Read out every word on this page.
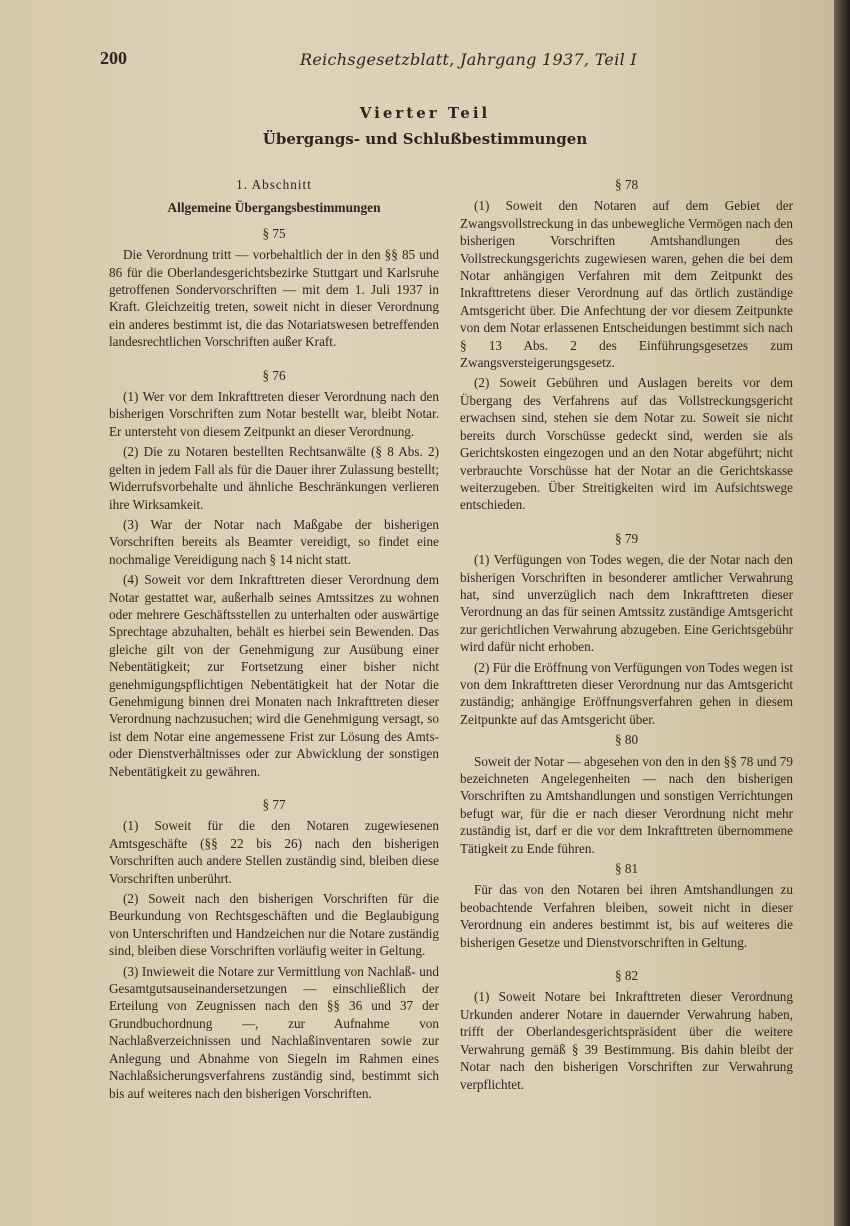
200	Reichsgesetzblatt, Jahrgang 1937, Teil I
Vierter Teil
Übergangs- und Schlußbestimmungen
1. Abschnitt
Allgemeine Übergangsbestimmungen
§ 75

Die Verordnung tritt — vorbehaltlich der in den §§ 85 und 86 für die Oberlandesgerichtsbezirke Stuttgart und Karlsruhe getroffenen Sondervorschriften — mit dem 1. Juli 1937 in Kraft. Gleichzeitig treten, soweit nicht in dieser Verordnung ein anderes bestimmt ist, die das Notariatswesen betreffenden landesrechtlichen Vorschriften außer Kraft.

§ 76

(1) Wer vor dem Inkrafttreten dieser Verordnung nach den bisherigen Vorschriften zum Notar bestellt war, bleibt Notar. Er untersteht von diesem Zeitpunkt an dieser Verordnung.

(2) Die zu Notaren bestellten Rechtsanwälte (§ 8 Abs. 2) gelten in jedem Fall als für die Dauer ihrer Zulassung bestellt; Widerrufsvorbehalte und ähnliche Beschränkungen verlieren ihre Wirksamkeit.

(3) War der Notar nach Maßgabe der bisherigen Vorschriften bereits als Beamter vereidigt, so findet eine nochmalige Vereidigung nach § 14 nicht statt.

(4) Soweit vor dem Inkrafttreten dieser Verordnung dem Notar gestattet war, außerhalb seines Amtssitzes zu wohnen oder mehrere Geschäftsstellen zu unterhalten oder auswärtige Sprechtage abzuhalten, behält es hierbei sein Bewenden. Das gleiche gilt von der Genehmigung zur Ausübung einer Nebentätigkeit; zur Fortsetzung einer bisher nicht genehmigungspflichtigen Nebentätigkeit hat der Notar die Genehmigung binnen drei Monaten nach Inkrafttreten dieser Verordnung nachzusuchen; wird die Genehmigung versagt, so ist dem Notar eine angemessene Frist zur Lösung des Amts- oder Dienstverhältnisses oder zur Abwicklung der sonstigen Nebentätigkeit zu gewähren.

§ 77

(1) Soweit für die den Notaren zugewiesenen Amtsgeschäfte (§§ 22 bis 26) nach den bisherigen Vorschriften auch andere Stellen zuständig sind, bleiben diese Vorschriften unberührt.

(2) Soweit nach den bisherigen Vorschriften für die Beurkundung von Rechtsgeschäften und die Beglaubigung von Unterschriften und Handzeichen nur die Notare zuständig sind, bleiben diese Vorschriften vorläufig weiter in Geltung.

(3) Inwieweit die Notare zur Vermittlung von Nachlaß- und Gesamtgutsauseinandersetzungen — einschließlich der Erteilung von Zeugnissen nach den §§ 36 und 37 der Grundbuchordnung —, zur Aufnahme von Nachlaßverzeichnissen und Nachlaßinventaren sowie zur Anlegung und Abnahme von Siegeln im Rahmen eines Nachlaßsicherungsverfahrens zuständig sind, bestimmt sich bis auf weiteres nach den bisherigen Vorschriften.

§ 78

(1) Soweit den Notaren auf dem Gebiet der Zwangsvollstreckung in das unbewegliche Vermögen nach den bisherigen Vorschriften Amtshandlungen des Vollstreckungsgerichts zugewiesen waren, gehen die bei dem Notar anhängigen Verfahren mit dem Zeitpunkt des Inkrafttretens dieser Verordnung auf das örtlich zuständige Amtsgericht über. Die Anfechtung der vor diesem Zeitpunkte von dem Notar erlassenen Entscheidungen bestimmt sich nach § 13 Abs. 2 des Einführungsgesetzes zum Zwangsversteigerungsgesetz.

(2) Soweit Gebühren und Auslagen bereits vor dem Übergang des Verfahrens auf das Vollstreckungsgericht erwachsen sind, stehen sie dem Notar zu. Soweit sie nicht bereits durch Vorschüsse gedeckt sind, werden sie als Gerichtskosten eingezogen und an den Notar abgeführt; nicht verbrauchte Vorschüsse hat der Notar an die Gerichtskasse weiterzugeben. Über Streitigkeiten wird im Aufsichtswege entschieden.

§ 79

(1) Verfügungen von Todes wegen, die der Notar nach den bisherigen Vorschriften in besonderer amtlicher Verwahrung hat, sind unverzüglich nach dem Inkrafttreten dieser Verordnung an das für seinen Amtssitz zuständige Amtsgericht zur gerichtlichen Verwahrung abzugeben. Eine Gerichtsgebühr wird dafür nicht erhoben.

(2) Für die Eröffnung von Verfügungen von Todes wegen ist von dem Inkrafttreten dieser Verordnung nur das Amtsgericht zuständig; anhängige Eröffnungsverfahren gehen in diesem Zeitpunkte auf das Amtsgericht über.

§ 80

Soweit der Notar — abgesehen von den in den §§ 78 und 79 bezeichneten Angelegenheiten — nach den bisherigen Vorschriften zu Amtshandlungen und sonstigen Verrichtungen befugt war, für die er nach dieser Verordnung nicht mehr zuständig ist, darf er die vor dem Inkrafttreten übernommene Tätigkeit zu Ende führen.

§ 81

Für das von den Notaren bei ihren Amtshandlungen zu beobachtende Verfahren bleiben, soweit nicht in dieser Verordnung ein anderes bestimmt ist, bis auf weiteres die bisherigen Gesetze und Dienstvorschriften in Geltung.

§ 82

(1) Soweit Notare bei Inkrafttreten dieser Verordnung Urkunden anderer Notare in dauernder Verwahrung haben, trifft der Oberlandesgerichtspräsident über die weitere Verwahrung gemäß § 39 Bestimmung. Bis dahin bleibt der Notar nach den bisherigen Vorschriften zur Verwahrung verpflichtet.
